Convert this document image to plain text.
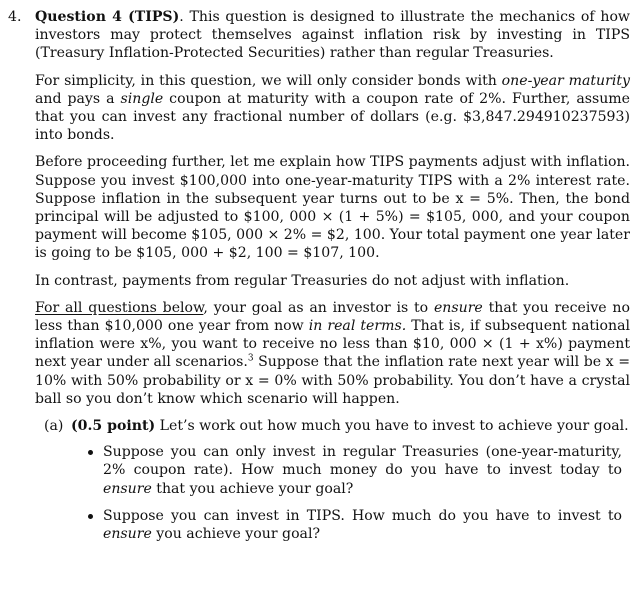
4. Question 4 (TIPS). This question is designed to illustrate the mechanics of how investors may protect themselves against inflation risk by investing in TIPS (Treasury Inflation-Protected Securities) rather than regular Treasuries.
For simplicity, in this question, we will only consider bonds with one-year maturity and pays a single coupon at maturity with a coupon rate of 2%. Further, assume that you can invest any fractional number of dollars (e.g. $3,847.294910237593) into bonds.
Before proceeding further, let me explain how TIPS payments adjust with inflation. Suppose you invest $100,000 into one-year-maturity TIPS with a 2% interest rate. Suppose inflation in the subsequent year turns out to be x = 5%. Then, the bond principal will be adjusted to $100, 000 × (1 + 5%) = $105, 000, and your coupon payment will become $105, 000 × 2% = $2, 100. Your total payment one year later is going to be $105, 000 + $2, 100 = $107, 100.
In contrast, payments from regular Treasuries do not adjust with inflation.
For all questions below, your goal as an investor is to ensure that you receive no less than $10,000 one year from now in real terms. That is, if subsequent national inflation were x%, you want to receive no less than $10, 000 × (1 + x%) payment next year under all scenarios.$^3$ Suppose that the inflation rate next year will be x = 10% with 50% probability or x = 0% with 50% probability. You don’t have a crystal ball so you don’t know which scenario will happen.
(a) (0.5 point) Let’s work out how much you have to invest to achieve your goal.
Suppose you can only invest in regular Treasuries (one-year-maturity, 2% coupon rate). How much money do you have to invest today to ensure that you achieve your goal?
Suppose you can invest in TIPS. How much do you have to invest to ensure you achieve your goal?
